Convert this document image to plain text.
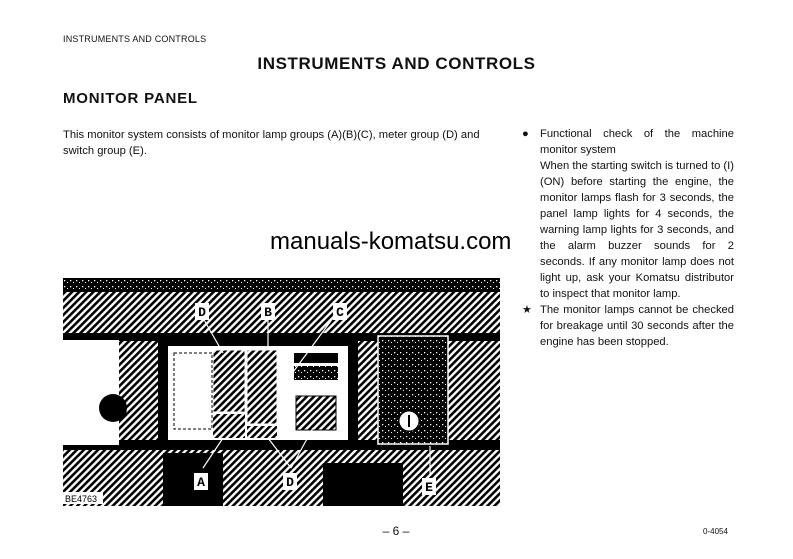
INSTRUMENTS AND CONTROLS
INSTRUMENTS AND CONTROLS
MONITOR PANEL
This monitor system consists of monitor lamp groups (A)(B)(C), meter group (D) and switch group (E).
● Functional check of the machine monitor system
When the starting switch is turned to (I) (ON) before starting the engine, the monitor lamps flash for 3 seconds, the panel lamp lights for 4 seconds, the warning lamp lights for 3 seconds, and the alarm buzzer sounds for 2 seconds. If any monitor lamp does not light up, ask your Komatsu distributor to inspect that monitor lamp.
★ The monitor lamps cannot be checked for breakage until 30 seconds after the engine has been stopped.
manuals-komatsu.com
D	B	C
A	D	E
BE4763
– 6 –	0-4054
